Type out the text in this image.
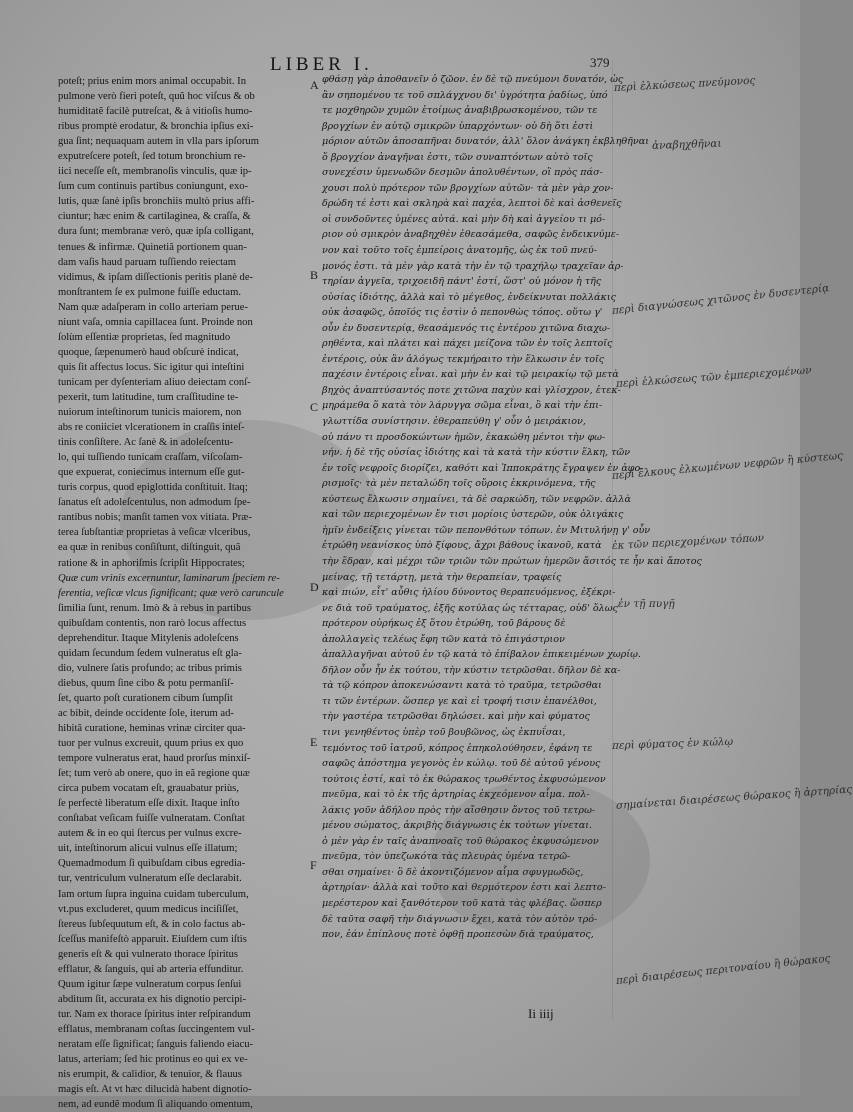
LIBER I.	379
poteſt; prius enim mors animal occupabit. In
pulmone verò fieri poteſt, quũ hoc viſcus & ob
humiditatẽ facilè putreſcat, & à vitioſis humo-
ribus promptè erodatur, & bronchia ipſius exi-
gua ſint; nequaquam autem in vlla pars ipſorum
exputreſcere poteſt, ſed totum bronchium re-
iici neceſſe eſt, membranoſis vinculis, quæ ip-
ſum cum continuis partibus coniungunt, exo-
lutis, quæ ſanè ipſis bronchiis multò prius affi-
ciuntur; hæc enim & cartilaginea, & craſſa, &
dura ſunt; membranæ verò, quæ ipſa colligant,
tenues & infirmæ. Quinetiã portionem quan-
dam vaſis haud paruam tuſſiendo reiectam
vidimus, & ipſam diſſectionis peritis planè de-
monſtrantem ſe ex pulmone fuiſſe eductam.
Nam quæ adaſperam in collo arteriam perue-
niunt vaſa, omnia capillacea ſunt. Proinde non
ſolùm eſſentiæ proprietas, ſed magnitudo
quoque, ſæpenumerò haud obſcurè indicat,
quis ſit affectus locus. Sic igitur qui inteſtini
tunicam per dyſenteriam aliuo deiectam conſ-
pexerit, tum latitudine, tum craſſitudine te-
nuiorum inteſtinorum tunicis maiorem, non
abs re coniiciet vlcerationem in craſſis inteſ-
tinis conſiſtere. Ac ſanè & in adoleſcentu-
lo, qui tuſſiendo tunicam craſſam, viſcoſam-
que expuerat, coniecimus internum eſſe gut-
turis corpus, quod epiglottida conſtituit. Itaq;
ſanatus eſt adoleſcentulus, non admodum ſpe-
rantibus nobis; manſit tamen vox vitiata. Præ-
terea ſubſtantiæ proprietas à veſicæ vlceribus,
ea quæ in renibus conſiſtunt, diſtinguit, quã
ratione & in aphoriſmis ſcripſit Hippocrates;
Quæ cum vrinis excernuntur, laminarum ſpeciem re-
ferentia, veſicæ vlcus ſignificant; quæ verò caruncule
ſimilia ſunt, renum. Imò & à rebus in partibus
quibuſdam contentis, non rarò locus affectus
deprehenditur. Itaque Mitylenis adoleſcens
quidam ſecundum ſedem vulneratus eſt gla-
dio, vulnere ſatis profundo; ac tribus primis
diebus, quum ſine cibo & potu permanſiſ-
ſet, quarto poſt curationem cibum ſumpſit
ac bibit, deinde occidente ſole, iterum ad-
hibitã curatione, heminas vrinæ circiter qua-
tuor per vulnus excreuit, quum prius ex quo
tempore vulneratus erat, haud prorſus minxiſ-
ſet; tum verò ab onere, quo in eã regione quæ
circa pubem vocatam eſt, grauabatur priùs,
ſe perfectè liberatum eſſe dixit. Itaque inſto
conſtabat veſicam fuiſſe vulneratam. Conſtat
autem & in eo qui ſtercus per vulnus excre-
uit, inteſtinorum alicui vulnus eſſe illatum;
Quemadmodum ſi quibuſdam cibus egredia-
tur, ventriculum vulneratum eſſe declarabit.
Iam ortum ſupra inguina cuidam tuberculum,
vt.pus excluderet, quum medicus inciſiſſet,
ſtereus ſubſequutum eſt, & in colo factus ab-
ſceſſus manifeſtò apparuit. Eiuſdem cum iſtis
generis eſt & qui vulnerato thorace ſpiritus
efflatur, & ſanguis, qui ab arteria effunditur.
Quum igitur ſæpe vulneratum corpus ſenſui
abditum ſit, accurata ex his dignotio percipi-
tur. Nam ex thorace ſpiritus inter reſpirandum
efflatus, membranam coſtas ſuccingentem vul-
neratam eſſe ſignificat; ſanguis faliendo eiacu-
latus, arteriam; ſed hic protinus eo qui ex ve-
nis erumpit, & calidior, & tenuior, & flauus
magis eſt. At vt hæc dilucidà habent dignotio-
nem, ad eundẽ modum ſi aliquando omentum,
φθάσῃ γὰρ ἀποθανεῖν ὁ ζῶον. ἐν δὲ τῷ πνεύμονι δυνατόν, ὡς
ἂν σηπομένου τε τοῦ σπλάγχνου δι' ὑγρότητα ῥαδίως, ὑπό
τε μοχθηρῶν χυμῶν ἑτοίμως ἀναβιβρωσκομένου, τῶν τε
βρογχίων ἐν αὐτῷ σμικρῶν ὑπαρχόντων· οὐ δὴ ὅτι ἐστὶ
μόριον αὐτῶν ἀποσαπῆναι δυνατόν, ἀλλ' ὅλον ἀνάγκη ἐκβληθῆναι
ὅ βρογχίον ἀναγῆναι ἐστι, τῶν συναπτόντων αὐτὸ τοῖς
συνεχέσιν ὑμενωδῶν δεσμῶν ἀπολυθέντων, οἳ πρὸς πάσ-
χουσι πολὺ πρότερον τῶν βρογχίων αὐτῶν· τὰ μὲν γὰρ χον-
δρώδη τέ ἐστι καὶ σκληρὰ καὶ παχέα, λεπτοὶ δὲ καὶ ἀσθενεῖς
οἱ συνδοῦντες ὑμένες αὐτά. καὶ μὴν δὴ καὶ ἀγγείου τι μό-
ριον οὐ σμικρὸν ἀναβηχθὲν ἐθεασάμεθα, σαφῶς ἐνδεικνύμε-
νον καὶ τοῦτο τοῖς ἐμπείροις ἀνατομῆς, ὡς ἐκ τοῦ πνεύ-
μονός ἐστι. τὰ μὲν γὰρ κατὰ τὴν ἐν τῷ τραχήλῳ τραχεῖαν ἀρ-
τηρίαν ἀγγεῖα, τριχοειδῆ πάντ' ἐστί, ὥστ' οὐ μόνον ἡ τῆς
οὐσίας ἰδιότης, ἀλλὰ καὶ τὸ μέγεθος, ἐνδείκνυται πολλάκις
οὐκ ἀσαφῶς, ὁποῖός τις ἐστὶν ὁ πεπονθὼς τόπος. οὕτω γ'
οὖν ἐν δυσεντερίᾳ, θεασάμενός τις ἐντέρου χιτῶνα διαχω-
ρηθέντα, καὶ πλάτει καὶ πάχει μείζονα τῶν ἐν τοῖς λεπτοῖς
ἐντέροις, οὐκ ἂν ἀλόγως τεκμήραιτο τὴν ἕλκωσιν ἐν τοῖς
παχέσιν ἐντέροις εἶναι. καὶ μὴν ἐν καὶ τῷ μειρακίῳ τῷ μετὰ
βηχὸς ἀναπτύσαντός ποτε χιτῶνα παχὺν καὶ γλίσχρον, ἐτεκ-
μηράμεθα ὅ κατὰ τὸν λάρυγγα σῶμα εἶναι, ὃ καὶ τὴν ἐπι-
γλωττίδα συνίστησιν. ἐθεραπεύθη γ' οὖν ὁ μειράκιον,
οὐ πάνυ τι προσδοκώντων ἡμῶν, ἐκακώθη μέντοι τὴν φω-
νήν. ἡ δὲ τῆς οὐσίας ἰδιότης καὶ τὰ κατὰ τὴν κύστιν ἕλκη, τῶν
ἐν τοῖς νεφροῖς διορίζει, καθότι καὶ Ἱπποκράτης ἔγραψεν ἐν ἀφο-
ρισμοῖς· τὰ μὲν πεταλώδη τοῖς οὔροις ἐκκρινόμενα, τῆς
κύστεως ἕλκωσιν σημαίνει, τὰ δὲ σαρκώδη, τῶν νεφρῶν. ἀλλὰ
καὶ τῶν περιεχομένων ἔν τισι μορίοις ὑστερῶν, οὐκ ὀλιγάκις
ἡμῖν ἐνδείξεις γίνεται τῶν πεπονθότων τόπων. ἐν Μιτυλήνῃ γ' οὖν
ἐτρώθη νεανίσκος ὑπὸ ξίφους, ἄχρι βάθους ἱκανοῦ, κατὰ
τὴν ἕδραν, καὶ μέχρι τῶν τριῶν τῶν πρώτων ἡμερῶν ἄσιτός τε ἦν καὶ ἄποτος
μείνας, τῇ τετάρτῃ, μετὰ τὴν θεραπείαν, τραφείς
καὶ πιών, εἶτ' αὖθις ἡλίου δύνοντος θεραπευόμενος, ἐξέκρι-
νε διὰ τοῦ τραύματος, ἑξῆς κοτύλας ὡς τέτταρας, οὐδ' ὅλως
πρότερον οὐρήκως ἐξ ὅτου ἐτρώθη, τοῦ βάρους δὲ
ἀπολλαγεὶς τελέως ἔφη τῶν κατὰ τὸ ἐπιγάστριον
ἀπαλλαγῆναι αὐτοῦ ἐν τῷ κατὰ τὸ ἐπίβαλον ἐπικειμένων χωρίῳ.
δῆλον οὖν ἦν ἐκ τούτου, τὴν κύστιν τετρῶσθαι. δῆλον δὲ κα-
τὰ τῷ κόπρον ἀποκενώσαντι κατὰ τὸ τραῦμα, τετρῶσθαι
τι τῶν ἐντέρων. ὥσπερ γε καὶ εἰ τροφή τισιν ἐπανέλθοι,
τὴν γαστέρα τετρῶσθαι δηλώσει. καὶ μὴν καὶ φύματος
τινι γενηθέντος ὑπὲρ τοῦ βουβῶνος, ὡς ἐκπυΐσαι,
τεμόντος τοῦ ἰατροῦ, κόπρος ἐπηκολούθησεν, ἐφάνη τε
σαφῶς ἀπόστημα γεγονὸς ἐν κώλῳ. τοῦ δὲ αὐτοῦ γένους
τούτοις ἐστί, καὶ τὸ ἐκ θώρακος τρωθέντος ἐκφυσώμενον
πνεῦμα, καὶ τὸ ἐκ τῆς ἀρτηρίας ἐκχεόμενον αἷμα. πολ-
λάκις γοῦν ἀδήλου πρὸς τὴν αἴσθησιν ὄντος τοῦ τετρω-
μένου σώματος, ἀκριβὴς διάγνωσις ἐκ τούτων γίνεται.
ὁ μὲν γὰρ ἐν ταῖς ἀναπνοαῖς τοῦ θώρακος ἐκφυσώμενον
πνεῦμα, τὸν ὑπεζωκότα τὰς πλευρὰς ὑμένα τετρῶ-
σθαι σημαίνει· ὃ δὲ ἀκοντιζόμενον αἷμα σφυγμωδῶς,
ἀρτηρίαν· ἀλλὰ καὶ τοῦτο καὶ θερμότερον ἐστι καὶ λεπτο-
μερέστερον καὶ ξανθότερον τοῦ κατὰ τὰς φλέβας. ὥσπερ
δὲ ταῦτα σαφῆ τὴν διάγνωσιν ἔχει, κατὰ τὸν αὐτὸν τρό-
πον, ἐάν ἐπίπλους ποτὲ ὀφθῇ προπεσὼν διὰ τραύματος,
A
B
C
D
E
F
περὶ ἑλκώσεως πνεύμονος
ἀναβηχθῆναι
περὶ διαγνώσεως χιτῶνος ἐν δυσεντερίᾳ
περὶ ἑλκώσεως τῶν ἐμπεριεχομένων
περὶ ἕλκους ἐλκωμένων νεφρῶν ἢ κύστεως
ἐκ τῶν περιεχομένων τόπων
ἐν τῇ πυγῇ
περὶ φύματος ἐν κώλῳ
σημαίνεται διαιρέσεως θώρακος ἢ ἀρτηρίας
περὶ διαιρέσεως περιτοναίου ἢ θώρακος
Ii iiij
